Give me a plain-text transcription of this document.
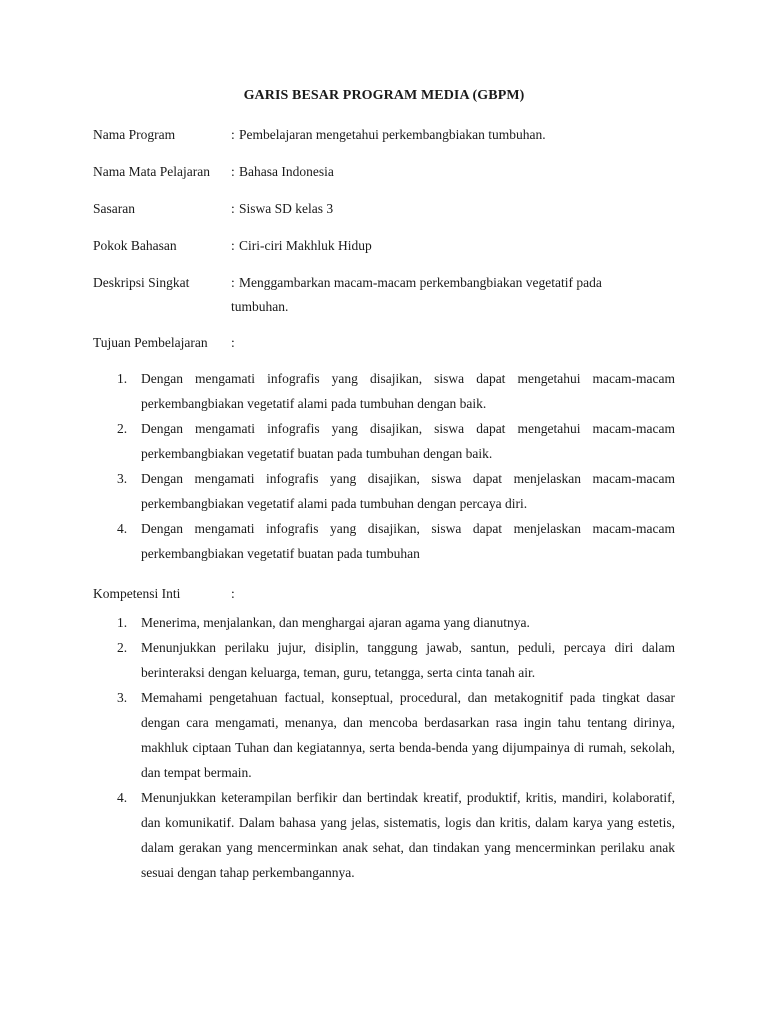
GARIS BESAR PROGRAM MEDIA (GBPM)
Nama Program	: Pembelajaran mengetahui perkembangbiakan tumbuhan.
Nama Mata Pelajaran	: Bahasa Indonesia
Sasaran	: Siswa SD kelas 3
Pokok Bahasan	: Ciri-ciri Makhluk Hidup
Deskripsi Singkat	: Menggambarkan macam-macam perkembangbiakan vegetatif pada
tumbuhan.
Tujuan Pembelajaran	:
1.	Dengan mengamati infografis yang disajikan, siswa dapat mengetahui macam-macam perkembangbiakan vegetatif alami pada tumbuhan dengan baik.
2.	Dengan mengamati infografis yang disajikan, siswa dapat mengetahui macam-macam perkembangbiakan vegetatif buatan pada tumbuhan dengan baik.
3.	Dengan mengamati infografis yang disajikan, siswa dapat menjelaskan macam-macam perkembangbiakan vegetatif alami pada tumbuhan dengan percaya diri.
4.	Dengan mengamati infografis yang disajikan, siswa dapat menjelaskan macam-macam perkembangbiakan vegetatif buatan pada tumbuhan
Kompetensi Inti	:
1.	Menerima, menjalankan, dan menghargai ajaran agama yang dianutnya.
2.	Menunjukkan perilaku jujur, disiplin, tanggung jawab, santun, peduli, percaya diri dalam berinteraksi dengan keluarga, teman, guru, tetangga, serta cinta tanah air.
3.	Memahami pengetahuan factual, konseptual, procedural, dan metakognitif pada tingkat dasar dengan cara mengamati, menanya, dan mencoba berdasarkan rasa ingin tahu tentang dirinya, makhluk ciptaan Tuhan dan kegiatannya, serta benda-benda yang dijumpainya di rumah, sekolah, dan tempat bermain.
4.	Menunjukkan keterampilan berfikir dan bertindak kreatif, produktif, kritis, mandiri, kolaboratif, dan komunikatif. Dalam bahasa yang jelas, sistematis, logis dan kritis, dalam karya yang estetis, dalam gerakan yang mencerminkan anak sehat, dan tindakan yang mencerminkan perilaku anak sesuai dengan tahap perkembangannya.
